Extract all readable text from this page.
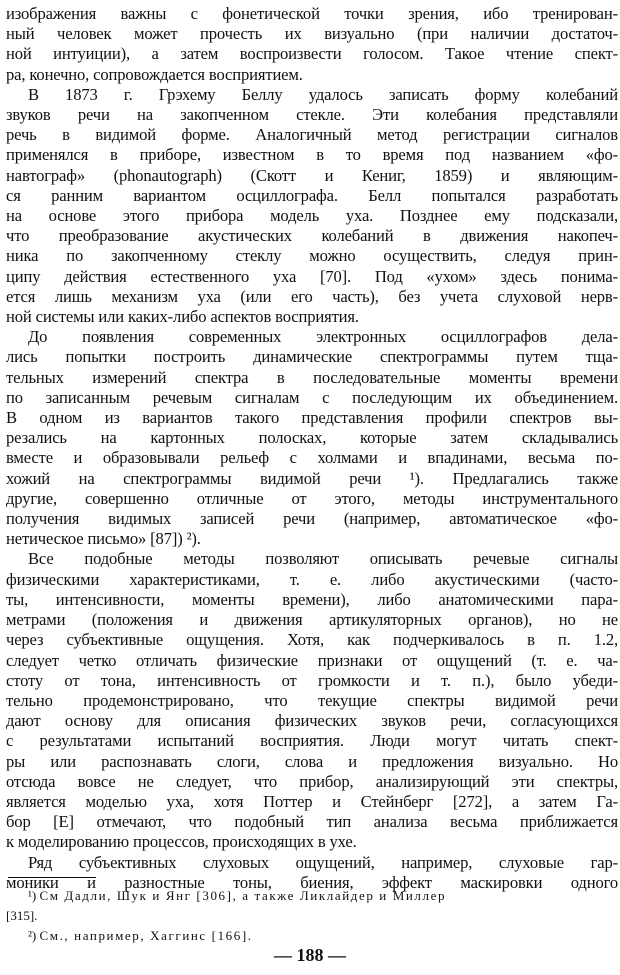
изображения важны с фонетической точки зрения, ибо тренирован-
ный человек может прочесть их визуально (при наличии достаточ-
ной интуиции), а затем воспроизвести голосом. Такое чтение спект-
ра, конечно, сопровождается восприятием.

В 1873 г. Грэхему Беллу удалось записать форму колебаний
звуков речи на закопченном стекле. Эти колебания представляли
речь в видимой форме. Аналогичный метод регистрации сигналов
применялся в приборе, известном в то время под названием «фо-
навтограф» (phonautograph) (Скотт и Кениг, 1859) и являющим-
ся ранним вариантом осциллографа. Белл попытался разработать
на основе этого прибора модель уха. Позднее ему подсказали,
что преобразование акустических колебаний в движения накопеч-
ника по закопченному стеклу можно осуществить, следуя прин-
ципу действия естественного уха [70]. Под «ухом» здесь понима-
ется лишь механизм уха (или его часть), без учета слуховой нерв-
ной системы или каких-либо аспектов восприятия.

До появления современных электронных осциллографов дела-
лись попытки построить динамические спектрограммы путем тща-
тельных измерений спектра в последовательные моменты времени
по записанным речевым сигналам с последующим их объединением.
В одном из вариантов такого представления профили спектров вы-
резались на картонных полосках, которые затем складывались
вместе и образовывали рельеф с холмами и впадинами, весьма по-
хожий на спектрограммы видимой речи ¹). Предлагались также
другие, совершенно отличные от этого, методы инструментального
получения видимых записей речи (например, автоматическое «фо-
нетическое письмо» [87]) ²).

Все подобные методы позволяют описывать речевые сигналы
физическими характеристиками, т. е. либо акустическими (часто-
ты, интенсивности, моменты времени), либо анатомическими пара-
метрами (положения и движения артикуляторных органов), но не
через субъективные ощущения. Хотя, как подчеркивалось в п. 1.2,
следует четко отличать физические признаки от ощущений (т. е. ча-
стоту от тона, интенсивность от громкости и т. п.), было убеди-
тельно продемонстрировано, что текущие спектры видимой речи
дают основу для описания физических звуков речи, согласующихся
с результатами испытаний восприятия. Люди могут читать спект-
ры или распознавать слоги, слова и предложения визуально. Но
отсюда вовсе не следует, что прибор, анализирующий эти спектры,
является моделью уха, хотя Поттер и Стейнберг [272], а затем Га-
бор [Е] отмечают, что подобный тип анализа весьма приближается
к моделированию процессов, происходящих в ухе.

Ряд субъективных слуховых ощущений, например, слуховые гар-
моники и разностные тоны, биения, эффект маскировки одного

¹) См Дадли, Шук и Янг [306], а также Ликлайдер и Миллер
[315].
²) См., например, Хаггинс [166].
— 188 —
